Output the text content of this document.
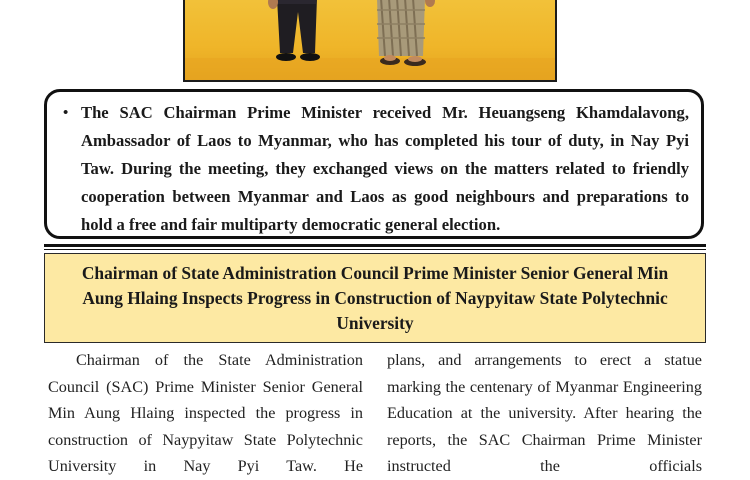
• The SAC Chairman Prime Minister received Mr. Heuangseng Khamdalavong, Ambassador of Laos to Myanmar, who has completed his tour of duty, in Nay Pyi Taw. During the meeting, they exchanged views on the matters related to friendly cooperation between Myanmar and Laos as good neighbours and preparations to hold a free and fair multiparty democratic general election.

Chairman of State Administration Council Prime Minister Senior General Min Aung Hlaing Inspects Progress in Construction of Naypyitaw State Polytechnic University

Chairman of the State Administration Council (SAC) Prime Minister Senior General Min Aung Hlaing inspected the progress in construction of Naypyitaw State Polytechnic University in Nay Pyi Taw. He

plans, and arrangements to erect a statue marking the centenary of Myanmar Engineering Education at the university. After hearing the reports, the SAC Chairman Prime Minister instructed the officials
